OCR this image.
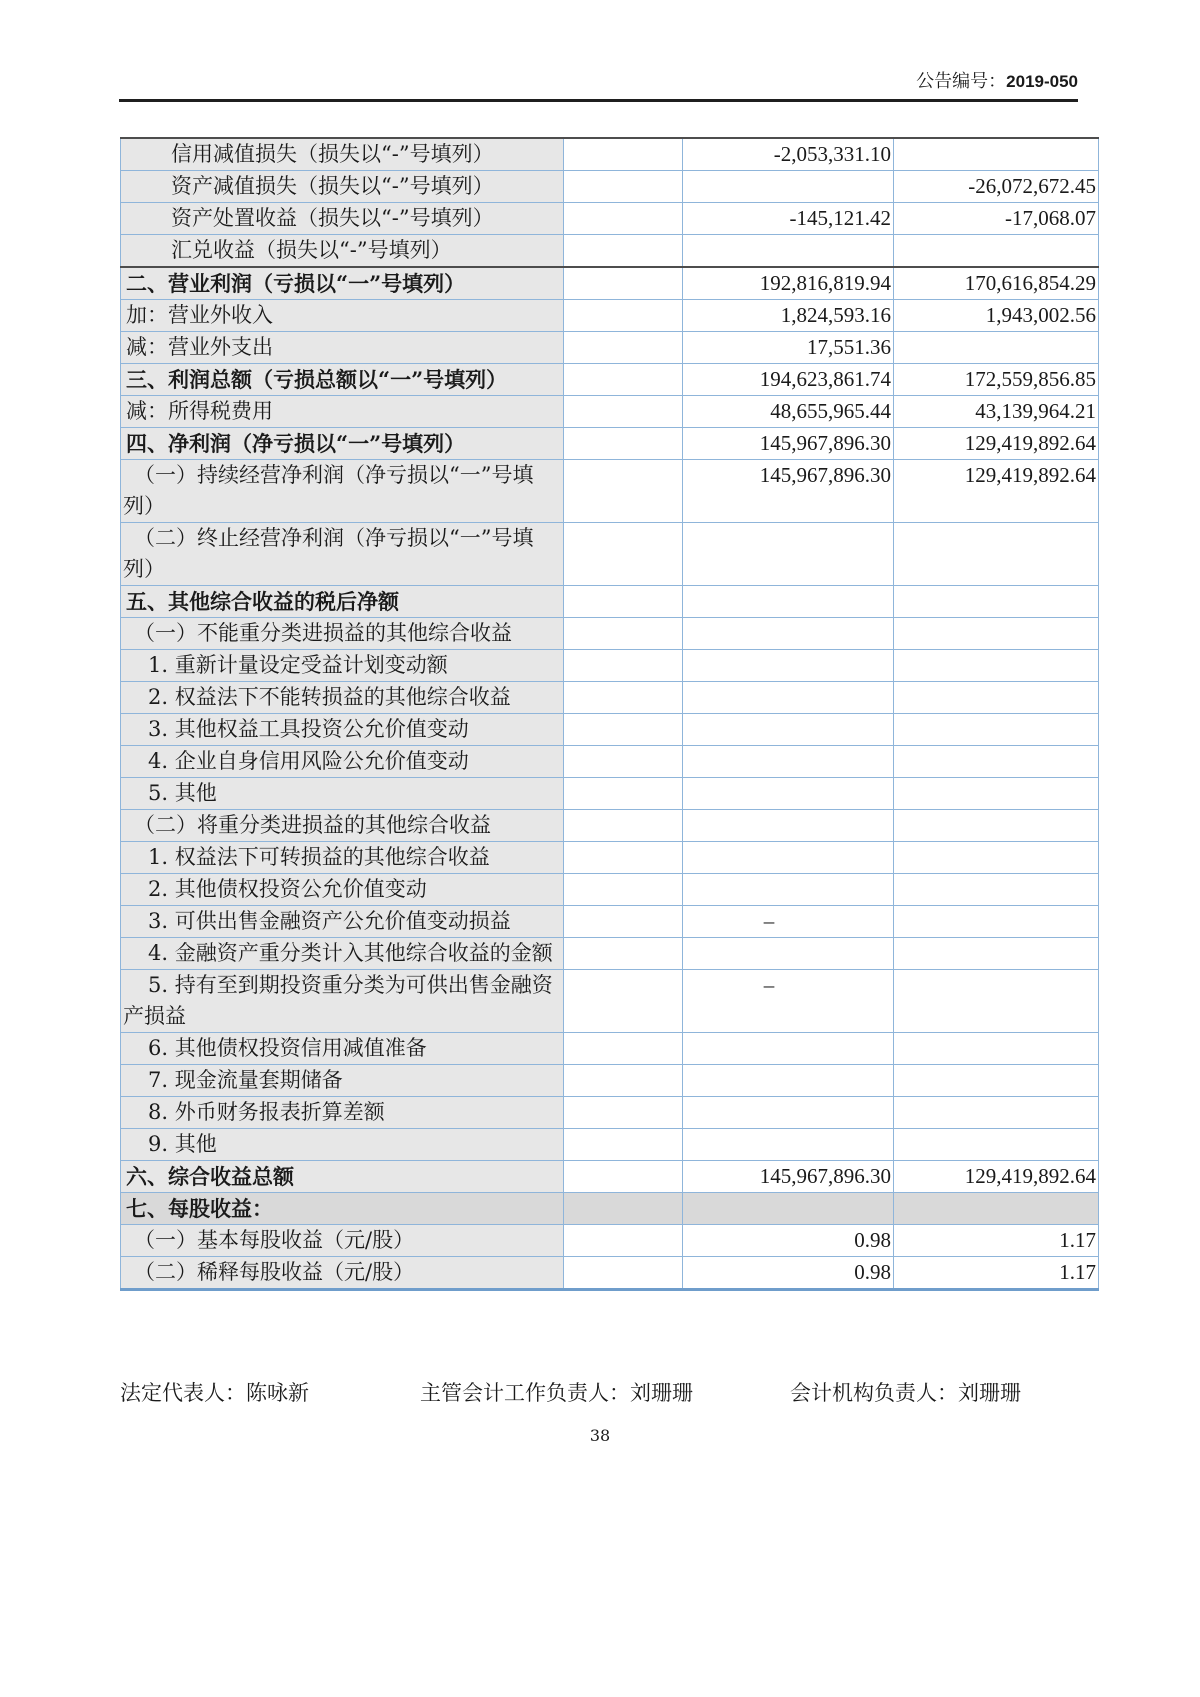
公告编号：2019-050
信用减值损失（损失以“-”号填列）		-2,053,331.10	
资产减值损失（损失以“-”号填列）			-26,072,672.45
资产处置收益（损失以“-”号填列）		-145,121.42	-17,068.07
汇兑收益（损失以“-”号填列）			
二、营业利润（亏损以“一”号填列）		192,816,819.94	170,616,854.29
加：营业外收入		1,824,593.16	1,943,002.56
减：营业外支出		17,551.36	
三、利润总额（亏损总额以“一”号填列）		194,623,861.74	172,559,856.85
减：所得税费用		48,655,965.44	43,139,964.21
四、净利润（净亏损以“一”号填列）		145,967,896.30	129,419,892.64
（一）持续经营净利润（净亏损以“一”号填列）		145,967,896.30	129,419,892.64
（二）终止经营净利润（净亏损以“一”号填列）			
五、其他综合收益的税后净额			
（一）不能重分类进损益的其他综合收益			
1. 重新计量设定受益计划变动额			
2. 权益法下不能转损益的其他综合收益			
3. 其他权益工具投资公允价值变动			
4. 企业自身信用风险公允价值变动			
5. 其他			
（二）将重分类进损益的其他综合收益			
1. 权益法下可转损益的其他综合收益			
2. 其他债权投资公允价值变动			
3. 可供出售金融资产公允价值变动损益		–	
4. 金融资产重分类计入其他综合收益的金额			
5. 持有至到期投资重分类为可供出售金融资产损益		–	
6. 其他债权投资信用减值准备			
7. 现金流量套期储备			
8. 外币财务报表折算差额			
9. 其他			
六、综合收益总额		145,967,896.30	129,419,892.64
七、每股收益：			
（一）基本每股收益（元/股）		0.98	1.17
（二）稀释每股收益（元/股）		0.98	1.17
法定代表人：陈咏新	主管会计工作负责人：刘珊珊	会计机构负责人：刘珊珊
38
